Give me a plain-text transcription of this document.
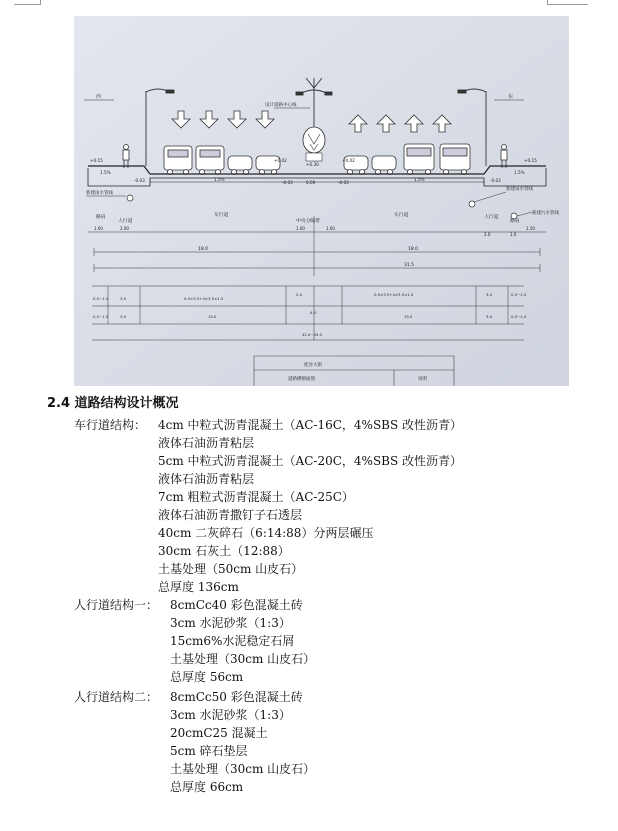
西	东
设计道路中心线
+0.15	+0.02
+0.30
+0.02	+0.15
-0.03	-0.03
0.00
-0.03	-0.03
1.5%
1.5%	1.5%
1.5%
新建雨水管线
新建雨水管线
新建污水管线
路肩
人行道
车行道
中央分隔带
车行道	人行道
路肩
1.00	2.00	1.00	1.00
2.0	1.0
1.50
18.0	18.0
31.5
0.5~1.5	3.0	0.5×3.5+4×3.5×1.5
2.0	0.5×3.5+4×3.5×1.5	3.0	0.5~1.5
0.5~1.5	3.0	15.0
4.0
15.0	3.0	0.5~1.5
41.0~43.0
桂谷大街
道路横断面图	说明
2.4 道路结构设计概况
车行道结构： 4cm 中粒式沥青混凝土（AC-16C，4%SBS 改性沥青）
液体石油沥青粘层
5cm 中粒式沥青混凝土（AC-20C，4%SBS 改性沥青）
液体石油沥青粘层
7cm 粗粒式沥青混凝土（AC-25C）
液体石油沥青撒钉子石透层
40cm 二灰碎石（6:14:88）分两层碾压
30cm 石灰土（12:88）
土基处理（50cm 山皮石）
总厚度 136cm
人行道结构一： 8cmCc40 彩色混凝土砖
3cm 水泥砂浆（1:3）
15cm6%水泥稳定石屑
土基处理（30cm 山皮石）
总厚度 56cm
人行道结构二： 8cmCc50 彩色混凝土砖
3cm 水泥砂浆（1:3）
20cmC25 混凝土
5cm 碎石垫层
土基处理（30cm 山皮石）
总厚度 66cm
